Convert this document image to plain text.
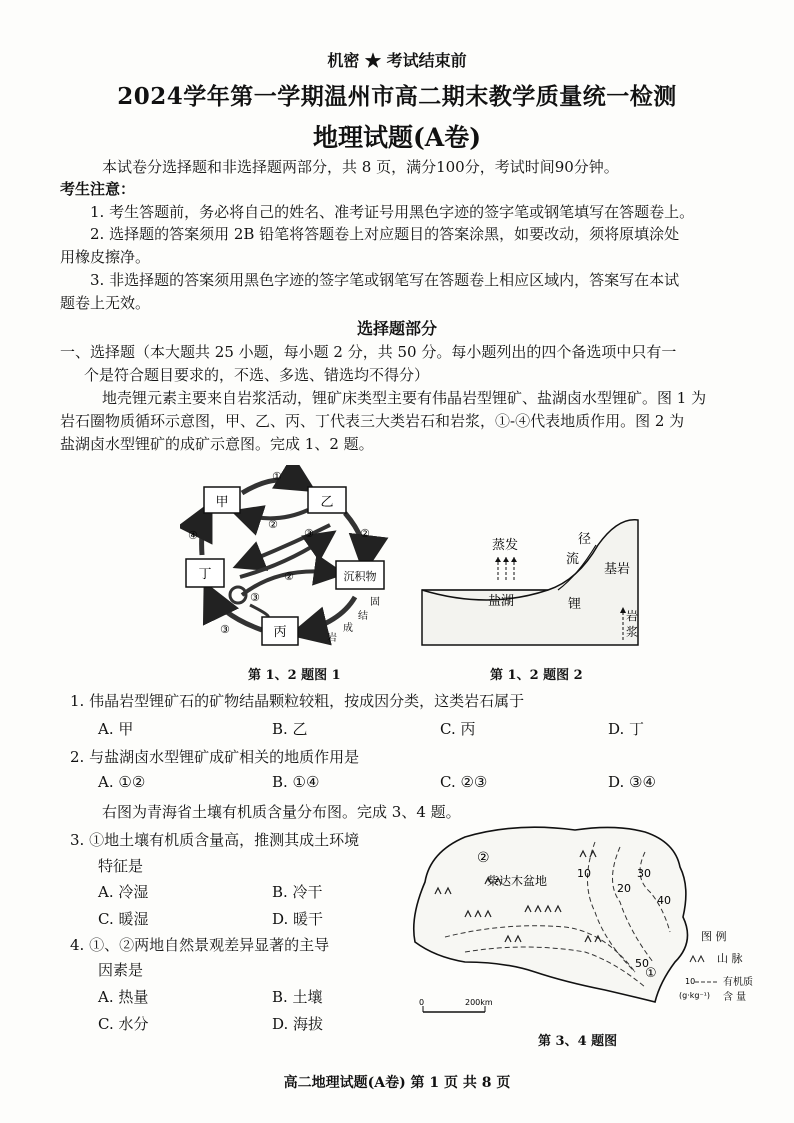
机密 ★ 考试结束前
2024学年第一学期温州市高二期末教学质量统一检测
地理试题(A卷)
本试卷分选择题和非选择题两部分，共 8 页，满分100分，考试时间90分钟。
考生注意：
1. 考生答题前，务必将自己的姓名、准考证号用黑色字迹的签字笔或钢笔填写在答题卷上。
2. 选择题的答案须用 2B 铅笔将答题卷上对应题目的答案涂黑，如要改动，须将原填涂处
用橡皮擦净。
3. 非选择题的答案须用黑色字迹的签字笔或钢笔写在答题卷上相应区域内，答案写在本试
题卷上无效。
选择题部分
一、选择题（本大题共 25 小题，每小题 2 分，共 50 分。每小题列出的四个备选项中只有一
个是符合题目要求的，不选、多选、错选均不得分）
地壳锂元素主要来自岩浆活动，锂矿床类型主要有伟晶岩型锂矿、盐湖卤水型锂矿。图 1 为
岩石圈物质循环示意图，甲、乙、丙、丁代表三大类岩石和岩浆，①-④代表地质作用。图 2 为
盐湖卤水型锂矿的成矿示意图。完成 1、2 题。
甲	乙
丁	沉积物
丙
①
②
④
②
③
②
③
③
固
结
成
岩
第 1、2 题图 1
蒸发	径
流
基岩
盐湖	锂
岩
浆
第 1、2 题图 2
1. 伟晶岩型锂矿石的矿物结晶颗粒较粗，按成因分类，这类岩石属于
A. 甲	B. 乙	C. 丙	D. 丁
2. 与盐湖卤水型锂矿成矿相关的地质作用是
A. ①②	B. ①④	C. ②③	D. ③④
右图为青海省土壤有机质含量分布图。完成 3、4 题。
3. ①地土壤有机质含量高，推测其成土环境
特征是
A. 冷湿	B. 冷干
C. 暖湿	D. 暖干
4. ①、②两地自然景观差异显著的主导
因素是
A. 热量	B. 土壤
C. 水分	D. 海拔
②
柴达木盆地
10
20
30
40
50
①
0	200km
图 例
山 脉
10
(g·kg⁻¹)
有机质
含 量
第 3、4 题图
高二地理试题(A卷) 第 1 页 共 8 页
